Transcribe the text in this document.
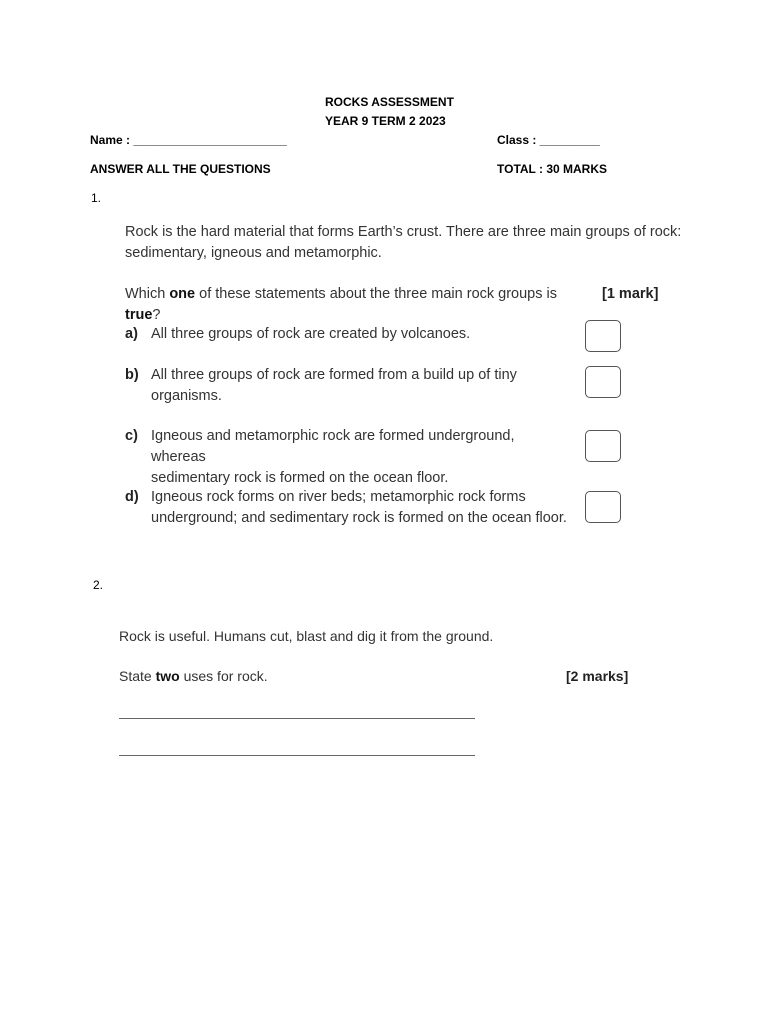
ROCKS ASSESSMENT
YEAR 9 TERM 2 2023
Name : _______________________	Class : _________
ANSWER ALL THE QUESTIONS	TOTAL : 30 MARKS
1.
Rock is the hard material that forms Earth’s crust. There are three main groups of rock:
sedimentary, igneous and metamorphic.
Which one of these statements about the three main rock groups is true?
[1 mark]
a) All three groups of rock are created by volcanoes.
b) All three groups of rock are formed from a build up of tiny
organisms.
c) Igneous and metamorphic rock are formed underground, whereas
sedimentary rock is formed on the ocean floor.
d) Igneous rock forms on river beds; metamorphic rock forms
underground; and sedimentary rock is formed on the ocean floor.
2.
Rock is useful. Humans cut, blast and dig it from the ground.
State two uses for rock.	[2 marks]
